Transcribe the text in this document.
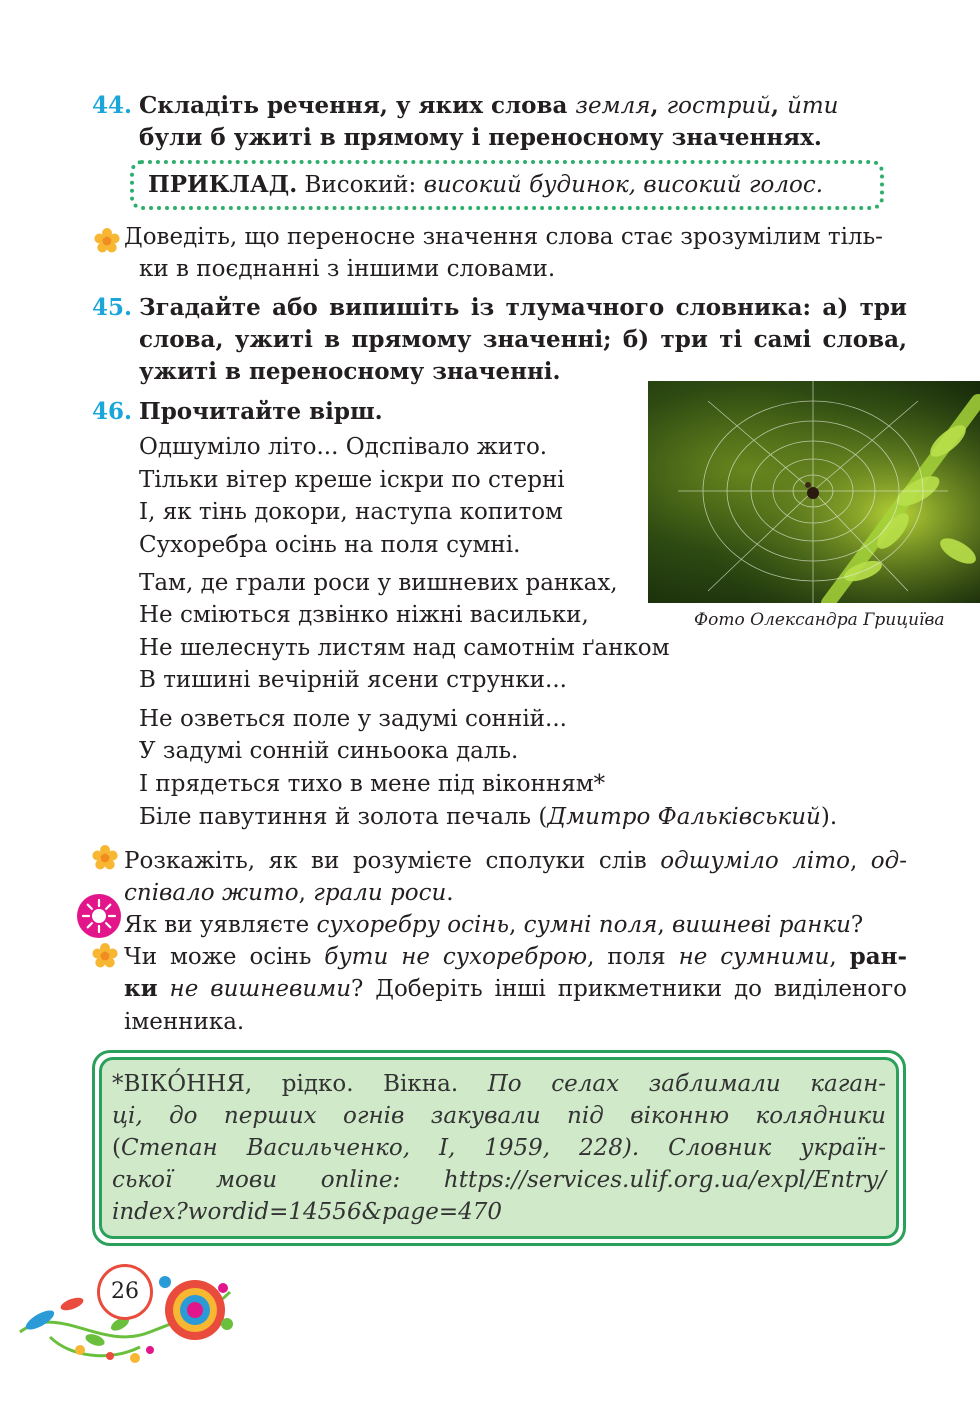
44. Складіть речення, у яких слова земля, гострий, йти
були б ужиті в прямому і переносному значеннях.
ПРИКЛАД. Високий: високий будинок, високий голос.
Доведіть, що переносне значення слова стає зрозумілим тіль-
ки в поєднанні з іншими словами.
45. Згадайте або випишіть із тлумачного словника: а) три
слова, ужиті в прямому значенні; б) три ті самі слова,
ужиті в переносному значенні.
46. Прочитайте вірш.
Одшуміло літо... Одспівало жито.
Тільки вітер креше іскри по стерні
І, як тінь докори, наступа копитом
Сухоребра осінь на поля сумні.
Там, де грали роси у вишневих ранках,
Не сміються дзвінко ніжні васильки,
Не шелеснуть листям над самотнім ґанком
В тишині вечірній ясени струнки...
Не озветься поле у задумі сонній...
У задумі сонній синьоока даль.
І прядеться тихо в мене під віконням*
Біле павутиння й золота печаль (Дмитро Фальківський).
Фото Олександра Грициїва
Розкажіть, як ви розумієте сполуки слів одшуміло літо, од-
співало жито, грали роси.
Як ви уявляєте сухоребру осінь, сумні поля, вишневі ранки?
Чи може осінь бути не сухореброю, поля не сумними, ран-
ки не вишневими? Доберіть інші прикметники до виділеного
іменника.
*ВІКО́ННЯ, рідко. Вікна. По селах заблимали каган-
ці, до перших огнів закували під віконню колядники
(Степан Васильченко, І, 1959, 228). Словник україн-
ської мови online: https://services.ulif.org.ua/expl/Entry/
index?wordid=14556&page=470
26
